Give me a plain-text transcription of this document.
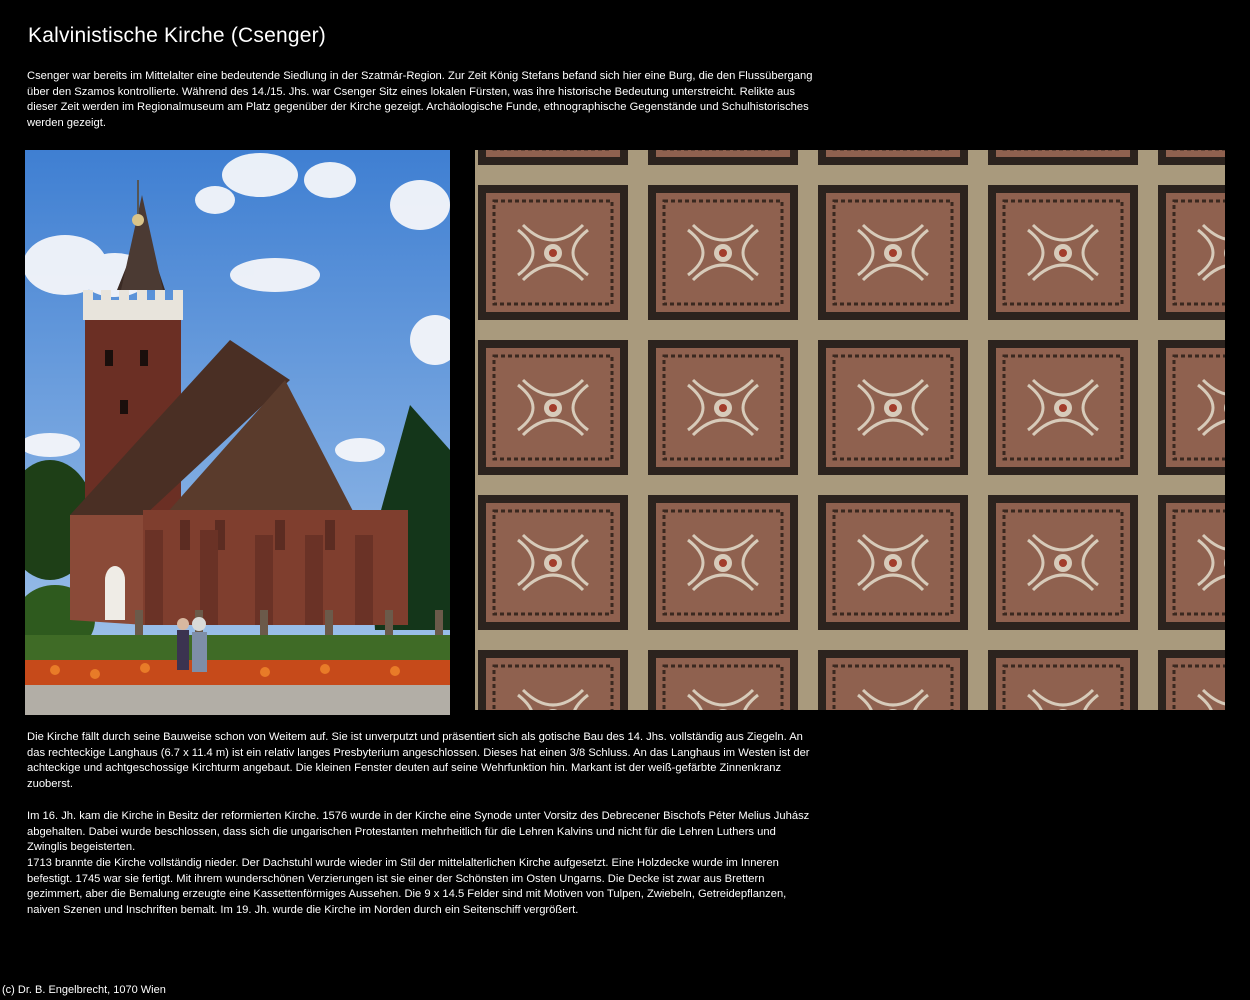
Kalvinistische Kirche (Csenger)

Csenger war bereits im Mittelalter eine bedeutende Siedlung in der Szatmár-Region. Zur Zeit König Stefans befand sich hier eine Burg, die den Flussübergang über den Szamos kontrollierte. Während des 14./15. Jhs. war Csenger Sitz eines lokalen Fürsten, was ihre historische Bedeutung unterstreicht. Relikte aus dieser Zeit werden im Regionalmuseum am Platz gegenüber der Kirche gezeigt. Archäologische Funde, ethnographische Gegenstände und Schulhistorisches werden gezeigt.

Die Kirche fällt durch seine Bauweise schon von Weitem auf. Sie ist unverputzt und präsentiert sich als gotische Bau des 14. Jhs. vollständig aus Ziegeln. An das rechteckige Langhaus (6.7 x 11.4 m) ist ein relativ langes Presbyterium angeschlossen. Dieses hat einen 3/8 Schluss. An das Langhaus im Westen ist der achteckige und achtgeschossige Kirchturm angebaut. Die kleinen Fenster deuten auf seine Wehrfunktion hin. Markant ist der weiß-gefärbte Zinnenkranz zuoberst.

Im 16. Jh. kam die Kirche in Besitz der reformierten Kirche. 1576 wurde in der Kirche eine Synode unter Vorsitz des Debrecener Bischofs Péter Melius Juhász abgehalten. Dabei wurde beschlossen, dass sich die ungarischen Protestanten mehrheitlich für die Lehren Kalvins und nicht für die Lehren Luthers und Zwinglis begeisterten.

1713 brannte die Kirche vollständig nieder. Der Dachstuhl wurde wieder im Stil der mittelalterlichen Kirche aufgesetzt. Eine Holzdecke wurde im Inneren befestigt. 1745 war sie fertigt. Mit ihrem wunderschönen Verzierungen ist sie einer der Schönsten im Osten Ungarns. Die Decke ist zwar aus Brettern gezimmert, aber die Bemalung erzeugte eine Kassettenförmiges Aussehen. Die 9 x 14.5 Felder sind mit Motiven von Tulpen, Zwiebeln, Getreidepflanzen, naiven Szenen und Inschriften bemalt. Im 19. Jh. wurde die Kirche im Norden durch ein Seitenschiff vergrößert.

(c) Dr. B. Engelbrecht, 1070 Wien
